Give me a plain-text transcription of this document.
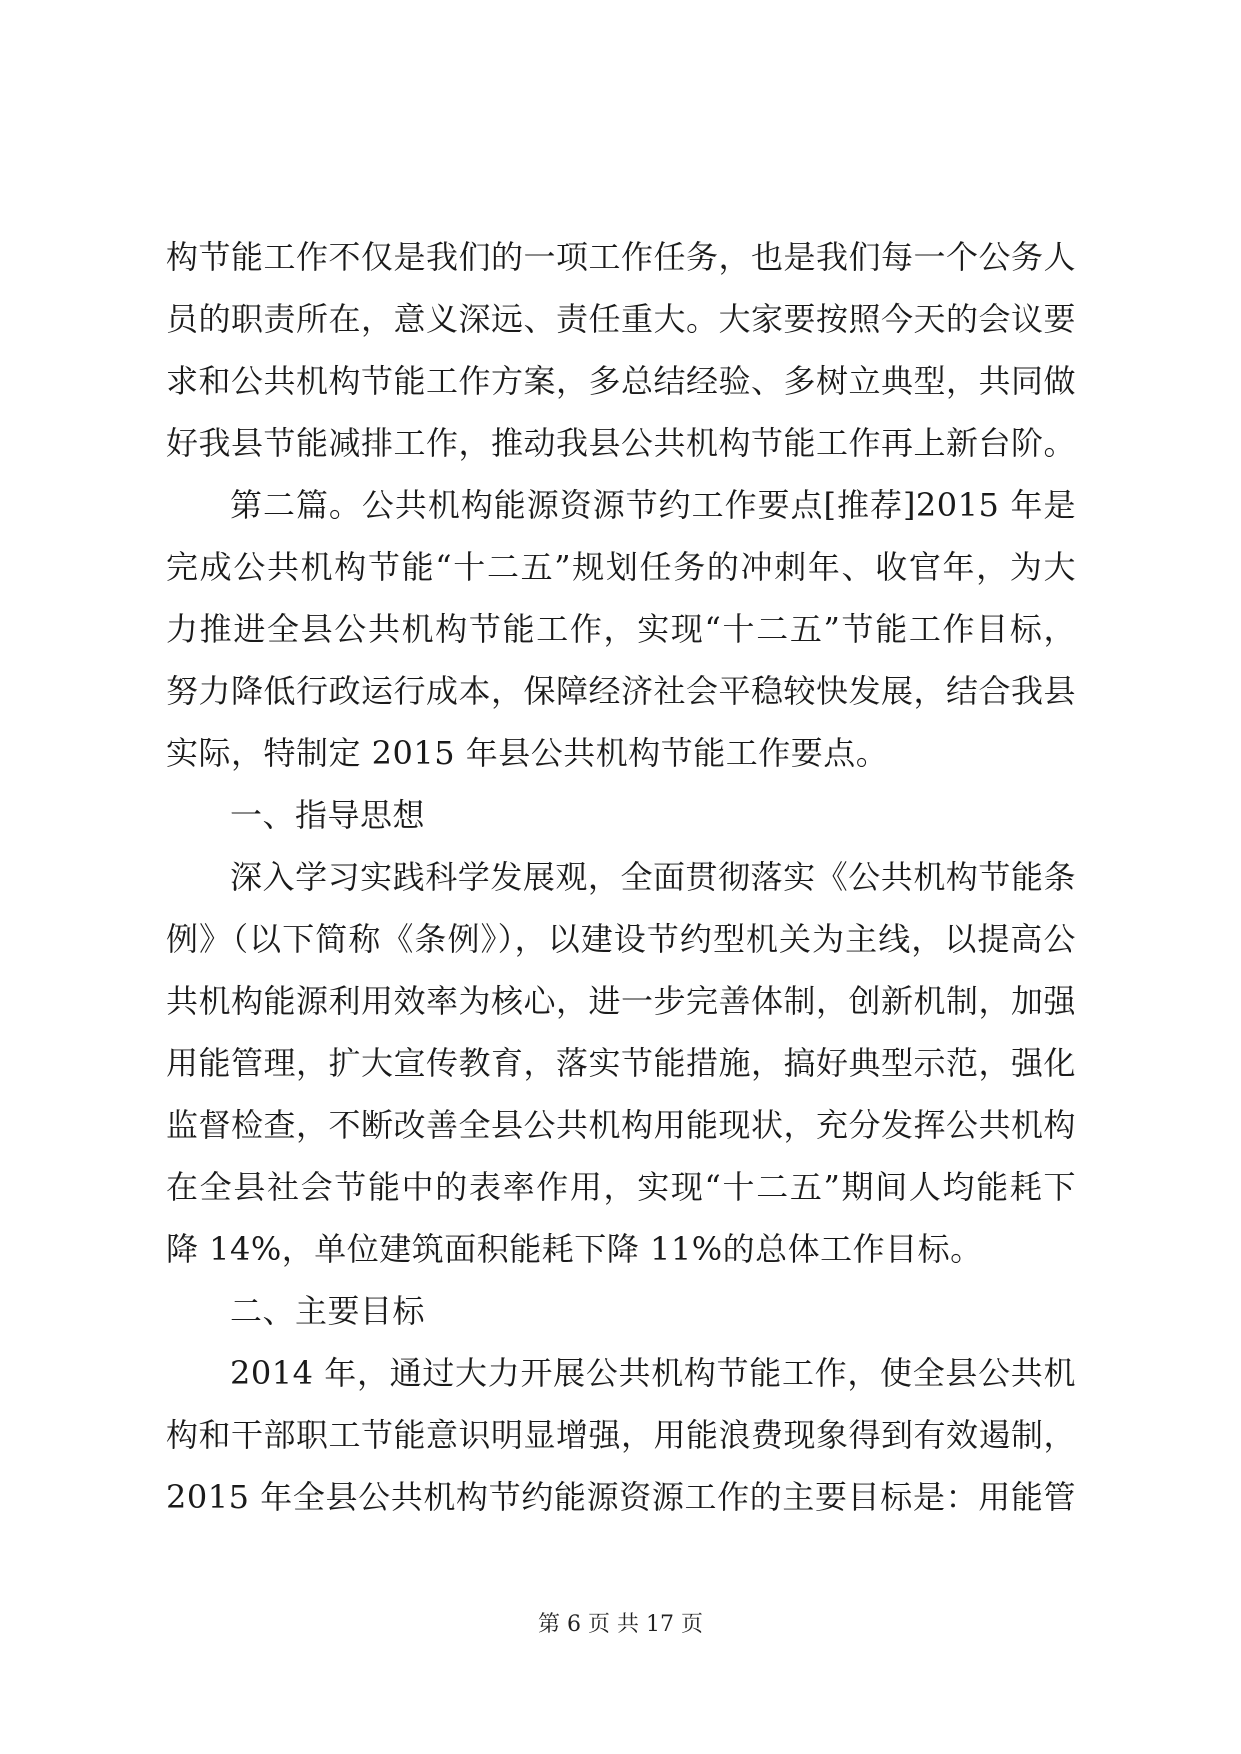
构节能工作不仅是我们的一项工作任务，也是我们每一个公务人
员的职责所在，意义深远、责任重大。大家要按照今天的会议要
求和公共机构节能工作方案，多总结经验、多树立典型，共同做
好我县节能减排工作，推动我县公共机构节能工作再上新台阶。
第二篇。公共机构能源资源节约工作要点[推荐]2015 年是
完成公共机构节能“十二五”规划任务的冲刺年、收官年，为大
力推进全县公共机构节能工作，实现“十二五”节能工作目标，
努力降低行政运行成本，保障经济社会平稳较快发展，结合我县
实际，特制定 2015 年县公共机构节能工作要点。
一、指导思想
深入学习实践科学发展观，全面贯彻落实《公共机构节能条
例》（以下简称《条例》），以建设节约型机关为主线，以提高公
共机构能源利用效率为核心，进一步完善体制，创新机制，加强
用能管理，扩大宣传教育，落实节能措施，搞好典型示范，强化
监督检查，不断改善全县公共机构用能现状，充分发挥公共机构
在全县社会节能中的表率作用，实现“十二五”期间人均能耗下
降 14%，单位建筑面积能耗下降 11%的总体工作目标。
二、主要目标
2014 年，通过大力开展公共机构节能工作，使全县公共机
构和干部职工节能意识明显增强，用能浪费现象得到有效遏制，
2015 年全县公共机构节约能源资源工作的主要目标是：用能管
第 6 页 共 17 页
